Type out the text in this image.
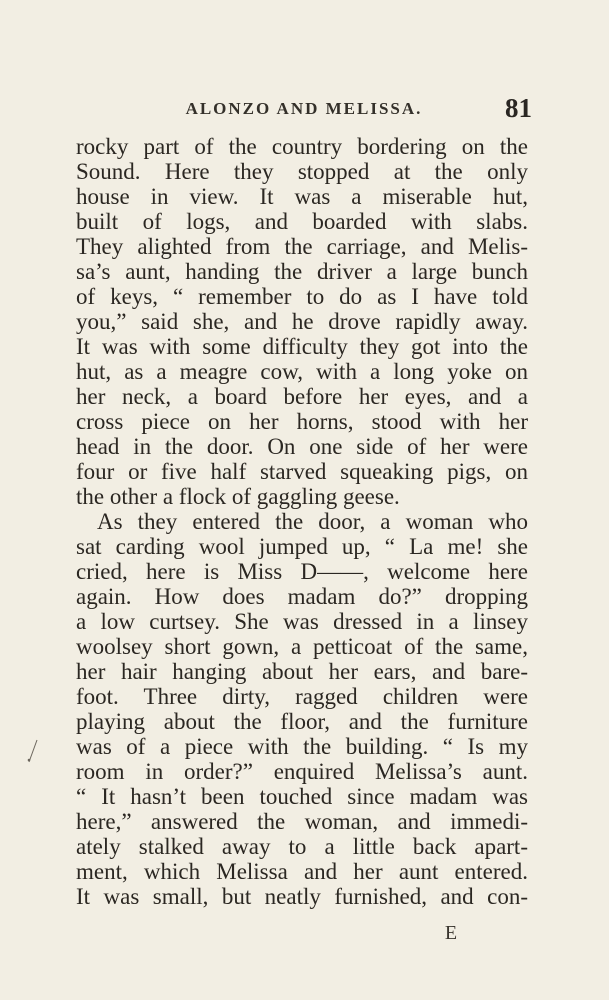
ALONZO AND MELISSA.	81
rocky part of the country bordering on the
Sound. Here they stopped at the only
house in view. It was a miserable hut,
built of logs, and boarded with slabs.
They alighted from the carriage, and Melis-
sa’s aunt, handing the driver a large bunch
of keys, “ remember to do as I have told
you,” said she, and he drove rapidly away.
It was with some difficulty they got into the
hut, as a meagre cow, with a long yoke on
her neck, a board before her eyes, and a
cross piece on her horns, stood with her
head in the door. On one side of her were
four or five half starved squeaking pigs, on
the other a flock of gaggling geese.
As they entered the door, a woman who
sat carding wool jumped up, “ La me! she
cried, here is Miss D——, welcome here
again. How does madam do?” dropping
a low curtsey. She was dressed in a linsey
woolsey short gown, a petticoat of the same,
her hair hanging about her ears, and bare-
foot. Three dirty, ragged children were
playing about the floor, and the furniture
was of a piece with the building. “ Is my
room in order?” enquired Melissa’s aunt.
“ It hasn’t been touched since madam was
here,” answered the woman, and immedi-
ately stalked away to a little back apart-
ment, which Melissa and her aunt entered.
It was small, but neatly furnished, and con-
E
